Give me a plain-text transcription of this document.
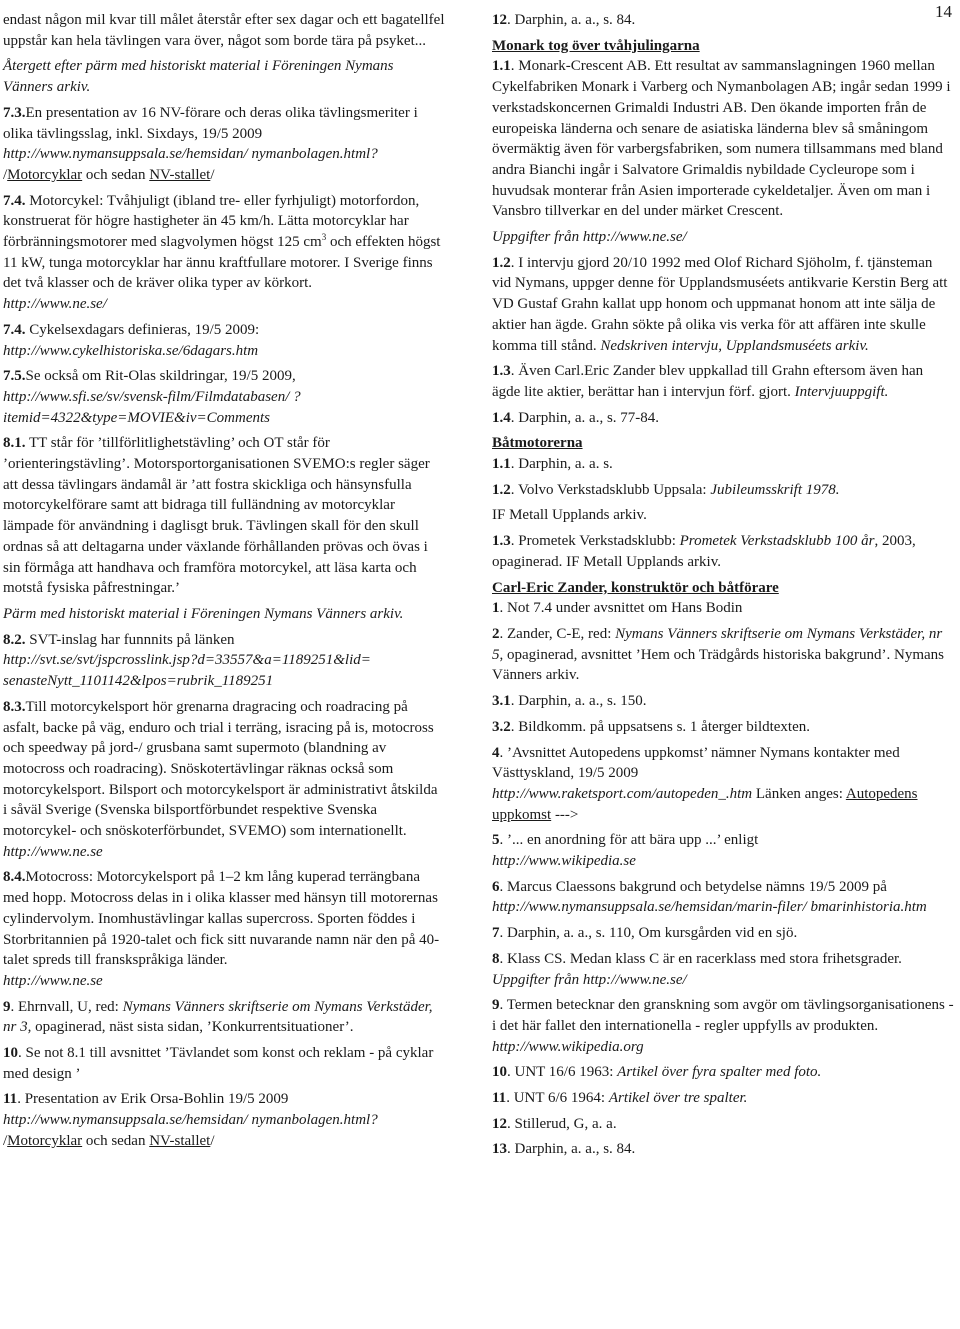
14

endast någon mil kvar till målet återstår efter sex dagar och ett bagatellfel uppstår kan hela tävlingen vara över, något som borde tära på psyket...

Återgett efter pärm med historiskt material i Föreningen Nymans Vänners arkiv.

7.3.En presentation av 16 NV-förare och deras olika tävlingsmeriter i olika tävlingsslag, inkl. Sixdays, 19/5 2009 http://www.nymansuppsala.se/hemsidan/ nymanbolagen.html? /Motorcyklar och sedan NV-stallet/

7.4. Motorcykel: Tvåhjuligt (ibland tre- eller fyrhjuligt) motorfordon, konstruerat för högre hastigheter än 45 km/h. Lätta motorcyklar har förbränningsmotorer med slagvolymen högst 125 $cm^3$ och effekten högst 11 kW, tunga motorcyklar har ännu kraftfullare motorer. I Sverige finns det två klasser och de kräver olika typer av körkort.
http://www.ne.se/

7.4. Cykelsexdagars definieras, 19/5 2009:
http://www.cykelhistoriska.se/6dagars.htm

7.5.Se också om Rit-Olas skildringar, 19/5 2009,
http://www.sfi.se/sv/svensk-film/Filmdatabasen/ ?itemid=4322&type=MOVIE&iv=Comments

8.1. TT står för ’tillförlitlighetstävling’ och OT står för ’orienteringstävling’. Motorsportorganisationen SVEMO:s regler säger att dessa tävlingars ändamål är ’att fostra skickliga och hänsynsfulla motorcykelförare samt att bidraga till fulländning av motorcyklar lämpade för användning i daglisgt bruk. Tävlingen skall för den skull ordnas så att deltagarna under växlande förhållanden prövas och övas i sin förmåga att handhava och framföra motorcykel, att läsa karta och motstå fysiska påfrestningar.’

Pärm med historiskt material i Föreningen Nymans Vänners arkiv.

8.2. SVT-inslag har funnnits på länken
http://svt.se/svt/jspcrosslink.jsp?d=33557&a=1189251&lid= senasteNytt_1101142&lpos=rubrik_1189251

8.3.Till motorcykelsport hör grenarna dragracing och roadracing på asfalt, backe på väg, enduro och trial i terräng, isracing på is, motocross och speedway på jord-/ grusbana samt supermoto (blandning av motocross och roadracing). Snöskotertävlingar räknas också som motorcykelsport. Bilsport och motorcykelsport är administrativt åtskilda i såväl Sverige (Svenska bilsportförbundet respektive Svenska motorcykel- och snöskoterförbundet, SVEMO) som internationellt.
http://www.ne.se

8.4.Motocross: Motorcykelsport på 1–2 km lång kuperad terrängbana med hopp. Motocross delas in i olika klasser med hänsyn till motorernas cylindervolym. Inomhustävlingar kallas supercross. Sporten föddes i Storbritannien på 1920-talet och fick sitt nuvarande namn när den på 40-talet spreds till franskspråkiga länder.
http://www.ne.se

9. Ehrnvall, U, red: Nymans Vänners skriftserie om Nymans Verkstäder, nr 3, opaginerad, näst sista sidan, ’Konkurrentsituationer’.

10. Se not 8.1 till avsnittet ’Tävlandet som konst och reklam - på cyklar med design ’

11. Presentation av Erik Orsa-Bohlin 19/5 2009
http://www.nymansuppsala.se/hemsidan/ nymanbolagen.html? /Motorcyklar och sedan NV-stallet/

12. Darphin, a. a., s. 84.

Monark tog över tvåhjulingarna

1.1. Monark-Crescent AB. Ett resultat av sammanslagningen 1960 mellan Cykelfabriken Monark i Varberg och Nymanbolagen AB; ingår sedan 1999 i verkstadskoncernen Grimaldi Industri AB. Den ökande importen från de europeiska länderna och senare de asiatiska länderna blev så småningom övermäktig även för varbergsfabriken, som numera tillsammans med bland andra Bianchi ingår i Salvatore Grimaldis nybildade Cycleurope som i huvudsak monterar från Asien importerade cykeldetaljer. Även om man i Vansbro tillverkar en del under märket Crescent.

Uppgifter från http://www.ne.se/

1.2. I intervju gjord 20/10 1992 med Olof Richard Sjöholm, f. tjänsteman vid Nymans, uppger denne för Upplandsmuséets antikvarie Kerstin Berg att VD Gustaf Grahn kallat upp honom och uppmanat honom att inte sälja de aktier han ägde. Grahn sökte på olika vis verka för att affären inte skulle komma till stånd. Nedskriven intervju, Upplandsmuséets arkiv.

1.3. Även Carl.Eric Zander blev uppkallad till Grahn eftersom även han ägde lite aktier, berättar han i intervjun förf. gjort. Intervjuuppgift.

1.4. Darphin, a. a., s. 77-84.

Båtmotorerna

1.1. Darphin, a. a. s.

1.2. Volvo Verkstadsklubb Uppsala: Jubileumsskrift 1978.

IF Metall Upplands arkiv.

1.3. Prometek Verkstadsklubb: Prometek Verkstadsklubb 100 år, 2003, opaginerad. IF Metall Upplands arkiv.

Carl-Eric Zander, konstruktör och båtförare

1. Not 7.4 under avsnittet om Hans Bodin

2. Zander, C-E, red: Nymans Vänners skriftserie om Nymans Verkstäder, nr 5, opaginerad, avsnittet ’Hem och Trädgårds historiska bakgrund’. Nymans Vänners arkiv.

3.1. Darphin, a. a., s. 150.

3.2. Bildkomm. på uppsatsens s. 1 återger bildtexten.

4. ’Avsnittet Autopedens uppkomst’ nämner Nymans kontakter med Västtyskland, 19/5 2009
http://www.raketsport.com/autopeden_.htm Länken anges: Autopedens uppkomst --->

5. ’... en anordning för att bära upp ...’ enligt
http://www.wikipedia.se

6. Marcus Claessons bakgrund och betydelse nämns 19/5 2009 på http://www.nymansuppsala.se/hemsidan/marin-filer/ bmarinhistoria.htm

7. Darphin, a. a., s. 110, Om kursgården vid en sjö.

8. Klass CS. Medan klass C är en racerklass med stora frihetsgrader. Uppgifter från http://www.ne.se/

9. Termen betecknar den granskning som avgör om tävlingsorganisationens - i det här fallet den internationella - regler uppfylls av produkten. http://www.wikipedia.org

10. UNT 16/6 1963: Artikel över fyra spalter med foto.

11. UNT 6/6 1964: Artikel över tre spalter.

12. Stillerud, G, a. a.

13. Darphin, a. a., s. 84.
